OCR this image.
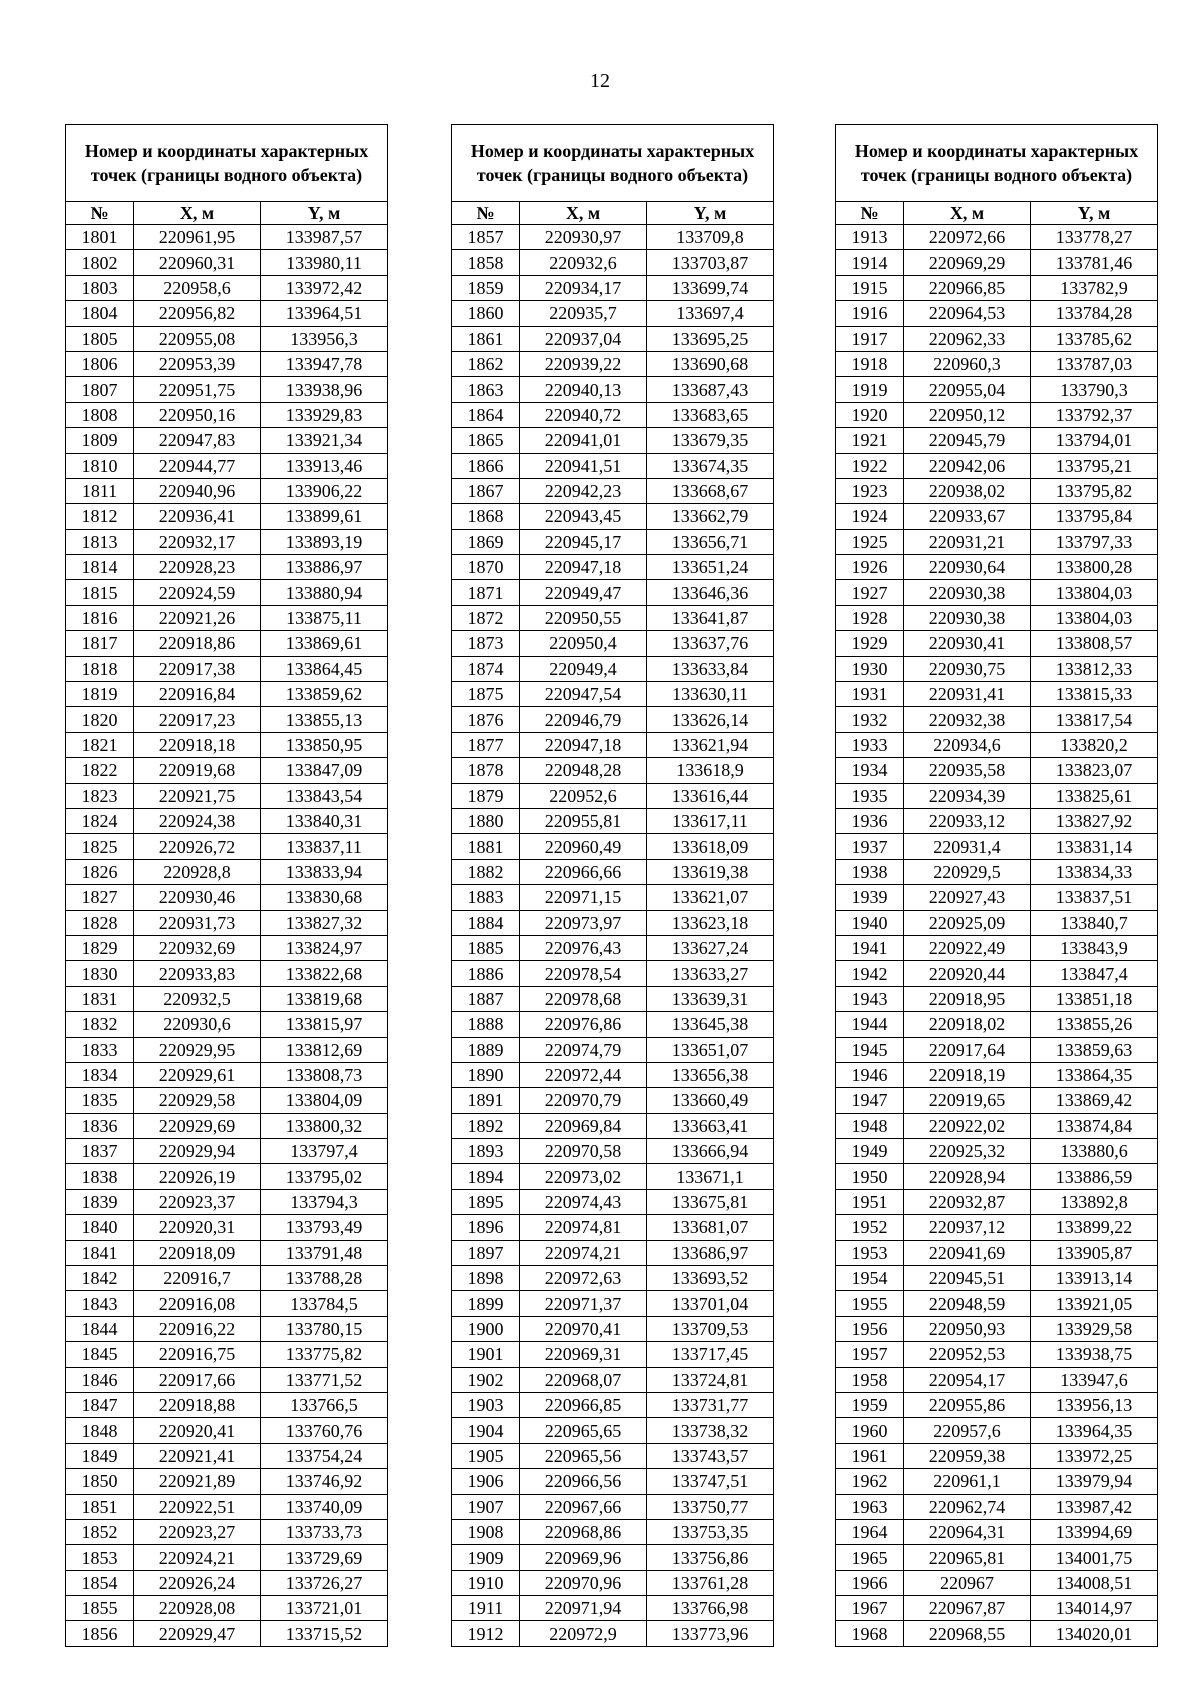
12
Номер и координаты характерных точек (границы водного объекта)		
№	X, м	Y, м
1801	220961,95	133987,57
1802	220960,31	133980,11
1803	220958,6	133972,42
1804	220956,82	133964,51
1805	220955,08	133956,3
1806	220953,39	133947,78
1807	220951,75	133938,96
1808	220950,16	133929,83
1809	220947,83	133921,34
1810	220944,77	133913,46
1811	220940,96	133906,22
1812	220936,41	133899,61
1813	220932,17	133893,19
1814	220928,23	133886,97
1815	220924,59	133880,94
1816	220921,26	133875,11
1817	220918,86	133869,61
1818	220917,38	133864,45
1819	220916,84	133859,62
1820	220917,23	133855,13
1821	220918,18	133850,95
1822	220919,68	133847,09
1823	220921,75	133843,54
1824	220924,38	133840,31
1825	220926,72	133837,11
1826	220928,8	133833,94
1827	220930,46	133830,68
1828	220931,73	133827,32
1829	220932,69	133824,97
1830	220933,83	133822,68
1831	220932,5	133819,68
1832	220930,6	133815,97
1833	220929,95	133812,69
1834	220929,61	133808,73
1835	220929,58	133804,09
1836	220929,69	133800,32
1837	220929,94	133797,4
1838	220926,19	133795,02
1839	220923,37	133794,3
1840	220920,31	133793,49
1841	220918,09	133791,48
1842	220916,7	133788,28
1843	220916,08	133784,5
1844	220916,22	133780,15
1845	220916,75	133775,82
1846	220917,66	133771,52
1847	220918,88	133766,5
1848	220920,41	133760,76
1849	220921,41	133754,24
1850	220921,89	133746,92
1851	220922,51	133740,09
1852	220923,27	133733,73
1853	220924,21	133729,69
1854	220926,24	133726,27
1855	220928,08	133721,01
1856	220929,47	133715,52
Номер и координаты характерных точек (границы водного объекта)		
№	X, м	Y, м
1857	220930,97	133709,8
1858	220932,6	133703,87
1859	220934,17	133699,74
1860	220935,7	133697,4
1861	220937,04	133695,25
1862	220939,22	133690,68
1863	220940,13	133687,43
1864	220940,72	133683,65
1865	220941,01	133679,35
1866	220941,51	133674,35
1867	220942,23	133668,67
1868	220943,45	133662,79
1869	220945,17	133656,71
1870	220947,18	133651,24
1871	220949,47	133646,36
1872	220950,55	133641,87
1873	220950,4	133637,76
1874	220949,4	133633,84
1875	220947,54	133630,11
1876	220946,79	133626,14
1877	220947,18	133621,94
1878	220948,28	133618,9
1879	220952,6	133616,44
1880	220955,81	133617,11
1881	220960,49	133618,09
1882	220966,66	133619,38
1883	220971,15	133621,07
1884	220973,97	133623,18
1885	220976,43	133627,24
1886	220978,54	133633,27
1887	220978,68	133639,31
1888	220976,86	133645,38
1889	220974,79	133651,07
1890	220972,44	133656,38
1891	220970,79	133660,49
1892	220969,84	133663,41
1893	220970,58	133666,94
1894	220973,02	133671,1
1895	220974,43	133675,81
1896	220974,81	133681,07
1897	220974,21	133686,97
1898	220972,63	133693,52
1899	220971,37	133701,04
1900	220970,41	133709,53
1901	220969,31	133717,45
1902	220968,07	133724,81
1903	220966,85	133731,77
1904	220965,65	133738,32
1905	220965,56	133743,57
1906	220966,56	133747,51
1907	220967,66	133750,77
1908	220968,86	133753,35
1909	220969,96	133756,86
1910	220970,96	133761,28
1911	220971,94	133766,98
1912	220972,9	133773,96
Номер и координаты характерных точек (границы водного объекта)		
№	X, м	Y, м
1913	220972,66	133778,27
1914	220969,29	133781,46
1915	220966,85	133782,9
1916	220964,53	133784,28
1917	220962,33	133785,62
1918	220960,3	133787,03
1919	220955,04	133790,3
1920	220950,12	133792,37
1921	220945,79	133794,01
1922	220942,06	133795,21
1923	220938,02	133795,82
1924	220933,67	133795,84
1925	220931,21	133797,33
1926	220930,64	133800,28
1927	220930,38	133804,03
1928	220930,38	133804,03
1929	220930,41	133808,57
1930	220930,75	133812,33
1931	220931,41	133815,33
1932	220932,38	133817,54
1933	220934,6	133820,2
1934	220935,58	133823,07
1935	220934,39	133825,61
1936	220933,12	133827,92
1937	220931,4	133831,14
1938	220929,5	133834,33
1939	220927,43	133837,51
1940	220925,09	133840,7
1941	220922,49	133843,9
1942	220920,44	133847,4
1943	220918,95	133851,18
1944	220918,02	133855,26
1945	220917,64	133859,63
1946	220918,19	133864,35
1947	220919,65	133869,42
1948	220922,02	133874,84
1949	220925,32	133880,6
1950	220928,94	133886,59
1951	220932,87	133892,8
1952	220937,12	133899,22
1953	220941,69	133905,87
1954	220945,51	133913,14
1955	220948,59	133921,05
1956	220950,93	133929,58
1957	220952,53	133938,75
1958	220954,17	133947,6
1959	220955,86	133956,13
1960	220957,6	133964,35
1961	220959,38	133972,25
1962	220961,1	133979,94
1963	220962,74	133987,42
1964	220964,31	133994,69
1965	220965,81	134001,75
1966	220967	134008,51
1967	220967,87	134014,97
1968	220968,55	134020,01
